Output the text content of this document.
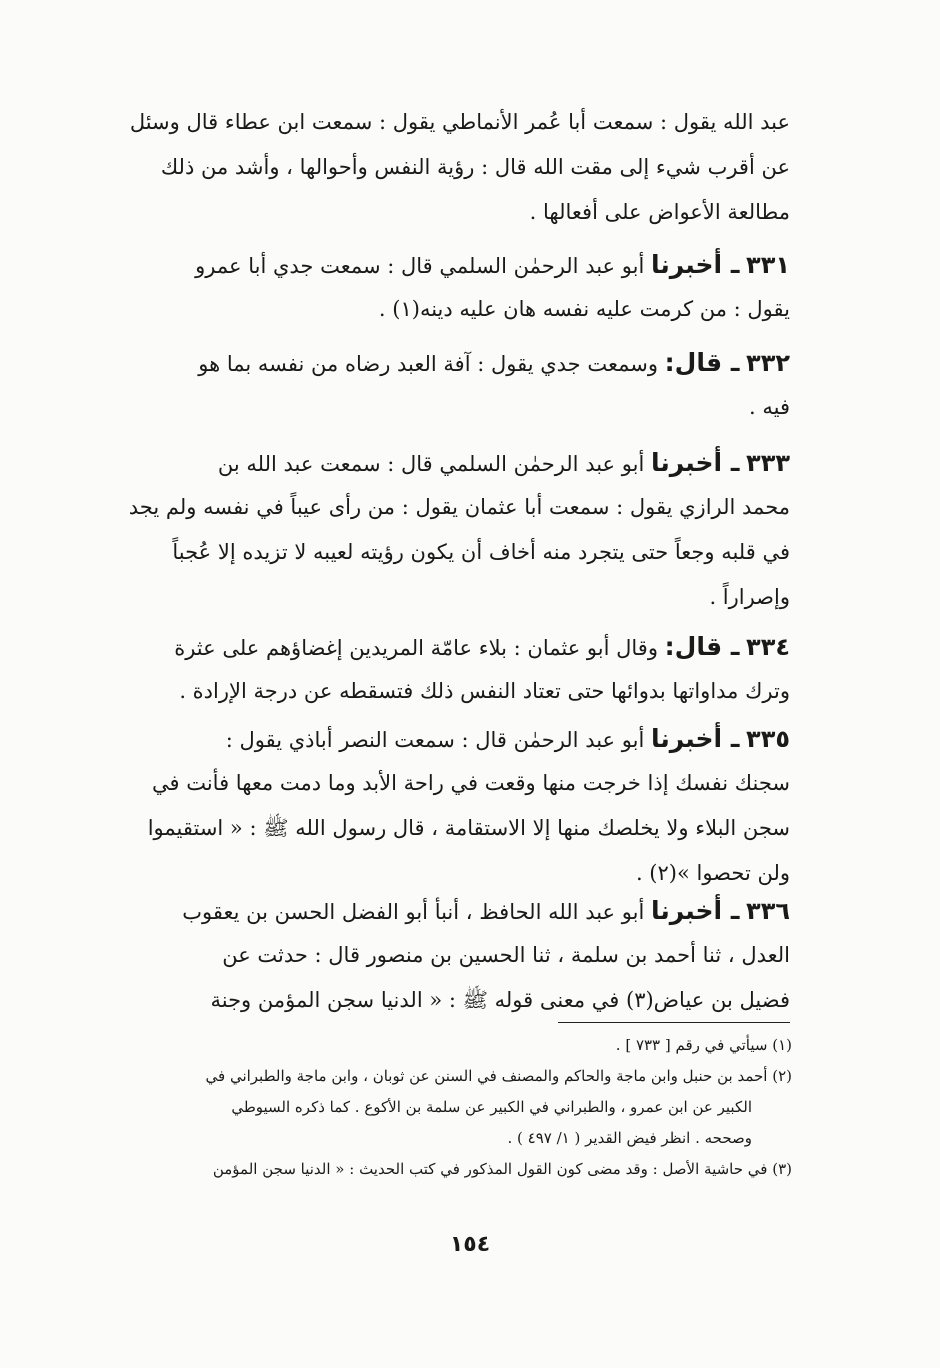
عبد الله يقول : سمعت أبا عُمر الأنماطي يقول : سمعت ابن عطاء قال وسئل
عن أقرب شيء إلى مقت الله قال : رؤية النفس وأحوالها ، وأشد من ذلك
مطالعة الأعواض على أفعالها .
٣٣١ ـ أخبرنا أبو عبد الرحمٰن السلمي قال : سمعت جدي أبا عمرو
يقول : من كرمت عليه نفسه هان عليه دينه(١) .
٣٣٢ ـ قال: وسمعت جدي يقول : آفة العبد رضاه من نفسه بما هو
فيه .
٣٣٣ ـ أخبرنا أبو عبد الرحمٰن السلمي قال : سمعت عبد الله بن
محمد الرازي يقول : سمعت أبا عثمان يقول : من رأى عيباً في نفسه ولم يجد
في قلبه وجعاً حتى يتجرد منه أخاف أن يكون رؤيته لعيبه لا تزيده إلا عُجباً
وإصراراً .
٣٣٤ ـ قال: وقال أبو عثمان : بلاء عامّة المريدين إغضاؤهم على عثرة
وترك مداواتها بدوائها حتى تعتاد النفس ذلك فتسقطه عن درجة الإرادة .
٣٣٥ ـ أخبرنا أبو عبد الرحمٰن قال : سمعت النصر أباذي يقول :
سجنك نفسك إذا خرجت منها وقعت في راحة الأبد وما دمت معها فأنت في
سجن البلاء ولا يخلصك منها إلا الاستقامة ، قال رسول الله ﷺ : « استقيموا
ولن تحصوا »(٢) .
٣٣٦ ـ أخبرنا أبو عبد الله الحافظ ، أنبأ أبو الفضل الحسن بن يعقوب
العدل ، ثنا أحمد بن سلمة ، ثنا الحسين بن منصور قال : حدثت عن
فضيل بن عياض(٣) في معنى قوله ﷺ : « الدنيا سجن المؤمن وجنة
(١) سيأتي في رقم [ ٧٣٣ ] .
(٢) أحمد بن حنبل وابن ماجة والحاكم والمصنف في السنن عن ثوبان ، وابن ماجة والطبراني في
الكبير عن ابن عمرو ، والطبراني في الكبير عن سلمة بن الأكوع . كما ذكره السيوطي
وصححه . انظر فيض القدير ( ١/ ٤٩٧ ) .
(٣) في حاشية الأصل : وقد مضى كون القول المذكور في كتب الحديث : « الدنيا سجن المؤمن
١٥٤
